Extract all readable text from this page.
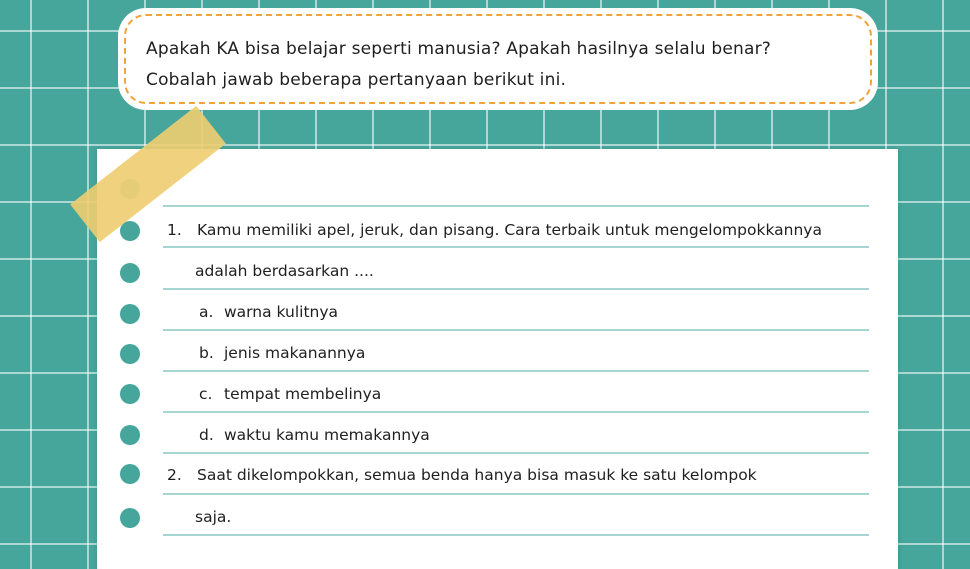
Apakah KA bisa belajar seperti manusia? Apakah hasilnya selalu benar?
Cobalah jawab beberapa pertanyaan berikut ini.
1. Kamu memiliki apel, jeruk, dan pisang. Cara terbaik untuk mengelompokkannya
adalah berdasarkan ....
a. warna kulitnya
b. jenis makanannya
c. tempat membelinya
d. waktu kamu memakannya
2. Saat dikelompokkan, semua benda hanya bisa masuk ke satu kelompok
saja.
